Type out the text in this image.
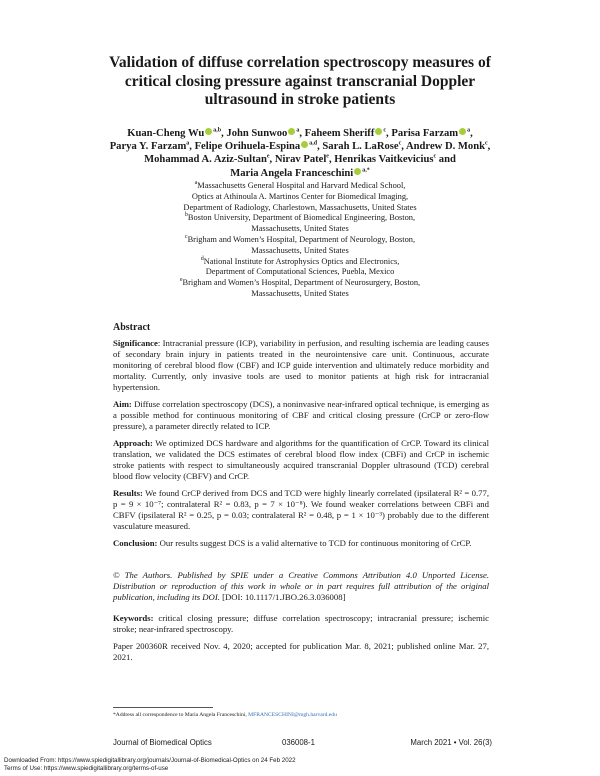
Validation of diffuse correlation spectroscopy measures of critical closing pressure against transcranial Doppler ultrasound in stroke patients
Kuan-Cheng Wu $^{a,b}$, John Sunwoo $^a$, Faheem Sheriff $^c$, Parisa Farzam $^a$,
Parya Y. Farzam$^a$, Felipe Orihuela-Espina $^{a,d}$, Sarah L. LaRose$^c$, Andrew D. Monk$^c$,
Mohammad A. Aziz-Sultan$^e$, Nirav Patel$^e$, Henrikas Vaitkevicius$^c$ and
Maria Angela Franceschini $^{a,*}$
$^a$Massachusetts General Hospital and Harvard Medical School,
Optics at Athinoula A. Martinos Center for Biomedical Imaging,
Department of Radiology, Charlestown, Massachusetts, United States
$^b$Boston University, Department of Biomedical Engineering, Boston,
Massachusetts, United States
$^c$Brigham and Women’s Hospital, Department of Neurology, Boston,
Massachusetts, United States
$^d$National Institute for Astrophysics Optics and Electronics,
Department of Computational Sciences, Puebla, Mexico
$^e$Brigham and Women’s Hospital, Department of Neurosurgery, Boston,
Massachusetts, United States
Abstract

Significance: Intracranial pressure (ICP), variability in perfusion, and resulting ischemia are leading causes of secondary brain injury in patients treated in the neurointensive care unit. Continuous, accurate monitoring of cerebral blood flow (CBF) and ICP guide intervention and ultimately reduce morbidity and mortality. Currently, only invasive tools are used to monitor patients at high risk for intracranial hypertension.

Aim: Diffuse correlation spectroscopy (DCS), a noninvasive near-infrared optical technique, is emerging as a possible method for continuous monitoring of CBF and critical closing pressure (CrCP or zero-flow pressure), a parameter directly related to ICP.

Approach: We optimized DCS hardware and algorithms for the quantification of CrCP. Toward its clinical translation, we validated the DCS estimates of cerebral blood flow index (CBFi) and CrCP in ischemic stroke patients with respect to simultaneously acquired transcranial Doppler ultrasound (TCD) cerebral blood flow velocity (CBFV) and CrCP.

Results: We found CrCP derived from DCS and TCD were highly linearly correlated (ipsilateral R² = 0.77, p = 9 × 10⁻⁷; contralateral R² = 0.83, p = 7 × 10⁻⁸). We found weaker correlations between CBFi and CBFV (ipsilateral R² = 0.25, p = 0.03; contralateral R² = 0.48, p = 1 × 10⁻³) probably due to the different vasculature measured.

Conclusion: Our results suggest DCS is a valid alternative to TCD for continuous monitoring of CrCP.

© The Authors. Published by SPIE under a Creative Commons Attribution 4.0 Unported License. Distribution or reproduction of this work in whole or in part requires full attribution of the original publication, including its DOI. [DOI: 10.1117/1.JBO.26.3.036008]

Keywords: critical closing pressure; diffuse correlation spectroscopy; intracranial pressure; ischemic stroke; near-infrared spectroscopy.

Paper 200360R received Nov. 4, 2020; accepted for publication Mar. 8, 2021; published online Mar. 27, 2021.

*Address all correspondence to Maria Angela Franceschini, MFRANCESCHINI@mgh.harvard.edu
Journal of Biomedical Optics	036008-1	March 2021 • Vol. 26(3)
Downloaded From: https://www.spiedigitallibrary.org/journals/Journal-of-Biomedical-Optics on 24 Feb 2022
Terms of Use: https://www.spiedigitallibrary.org/terms-of-use
